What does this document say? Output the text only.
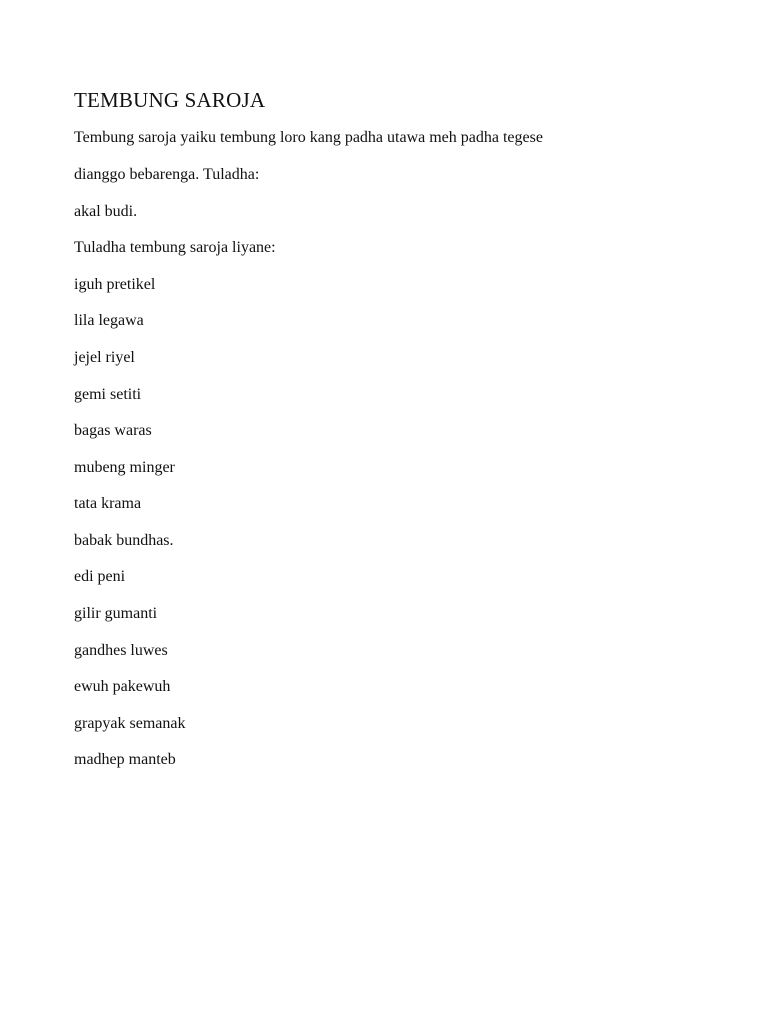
TEMBUNG SAROJA

Tembung saroja yaiku tembung loro kang padha utawa meh padha tegese

dianggo bebarenga. Tuladha:

akal budi.

Tuladha tembung saroja liyane:

iguh pretikel

lila legawa

jejel riyel

gemi setiti

bagas waras

mubeng minger

tata krama

babak bundhas.

edi peni

gilir gumanti

gandhes luwes

ewuh pakewuh

grapyak semanak

madhep manteb
